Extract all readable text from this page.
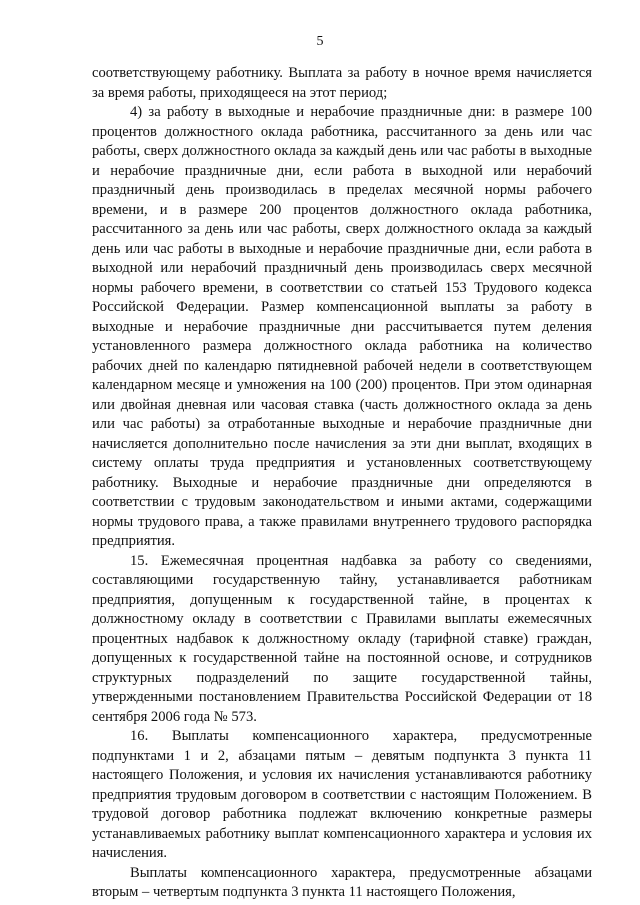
5

соответствующему работнику. Выплата за работу в ночное время начисляется за время работы, приходящееся на этот период;

4) за работу в выходные и нерабочие праздничные дни: в размере 100 процентов должностного оклада работника, рассчитанного за день или час работы, сверх должностного оклада за каждый день или час работы в выходные и нерабочие праздничные дни, если работа в выходной или нерабочий праздничный день производилась в пределах месячной нормы рабочего времени, и в размере 200 процентов должностного оклада работника, рассчитанного за день или час работы, сверх должностного оклада за каждый день или час работы в выходные и нерабочие праздничные дни, если работа в выходной или нерабочий праздничный день производилась сверх месячной нормы рабочего времени, в соответствии со статьей 153 Трудового кодекса Российской Федерации. Размер компенсационной выплаты за работу в выходные и нерабочие праздничные дни рассчитывается путем деления установленного размера должностного оклада работника на количество рабочих дней по календарю пятидневной рабочей недели в соответствующем календарном месяце и умножения на 100 (200) процентов. При этом одинарная или двойная дневная или часовая ставка (часть должностного оклада за день или час работы) за отработанные выходные и нерабочие праздничные дни начисляется дополнительно после начисления за эти дни выплат, входящих в систему оплаты труда предприятия и установленных соответствующему работнику. Выходные и нерабочие праздничные дни определяются в соответствии с трудовым законодательством и иными актами, содержащими нормы трудового права, а также правилами внутреннего трудового распорядка предприятия.

15. Ежемесячная процентная надбавка за работу со сведениями, составляющими государственную тайну, устанавливается работникам предприятия, допущенным к государственной тайне, в процентах к должностному окладу в соответствии с Правилами выплаты ежемесячных процентных надбавок к должностному окладу (тарифной ставке) граждан, допущенных к государственной тайне на постоянной основе, и сотрудников структурных подразделений по защите государственной тайны, утвержденными постановлением Правительства Российской Федерации от 18 сентября 2006 года № 573.

16. Выплаты компенсационного характера, предусмотренные подпунктами 1 и 2, абзацами пятым – девятым подпункта 3 пункта 11 настоящего Положения, и условия их начисления устанавливаются работнику предприятия трудовым договором в соответствии с настоящим Положением. В трудовой договор работника подлежат включению конкретные размеры устанавливаемых работнику выплат компенсационного характера и условия их начисления.

Выплаты компенсационного характера, предусмотренные абзацами вторым – четвертым подпункта 3 пункта 11 настоящего Положения,
